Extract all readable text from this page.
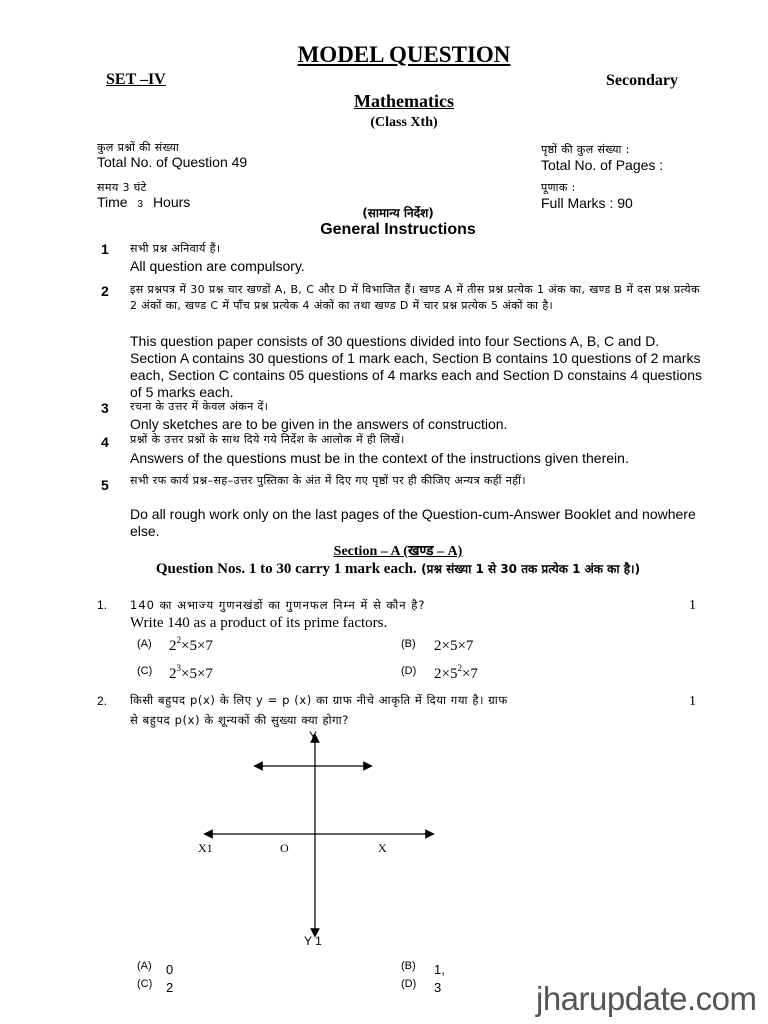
MODEL QUESTION
SET –IV	Secondary
Mathematics
(Class Xth)
कुल प्रश्नों की संख्या
Total No. of Question 49
समय 3 घंटे
Time 3 Hours
पृष्ठों की कुल संख्या :
Total No. of Pages :
पूणाक :
Full Marks : 90
(सामान्य निर्देश)
General Instructions
1 सभी प्रश्न अनिवार्य हैं।
All question are compulsory.
2 इस प्रश्नपत्र में 30 प्रश्न चार खण्डों A, B, C और D में विभाजित हैं। खण्ड A में तीस प्रश्न प्रत्येक 1 अंक का, खण्ड B में दस प्रश्न प्रत्येक 2 अंकों का, खण्ड C में पाँच प्रश्न प्रत्येक 4 अंकों का तथा खण्ड D में चार प्रश्न प्रत्येक 5 अंकों का है।
This question paper consists of 30 questions divided into four Sections A, B, C and D. Section A contains 30 questions of 1 mark each, Section B contains 10 questions of 2 marks each, Section C contains 05 questions of 4 marks each and Section D constains 4 questions of 5 marks each.
3 रचना के उत्तर में केवल अंकन दें।
Only sketches are to be given in the answers of construction.
4 प्रश्नों के उत्तर प्रश्नों के साथ दिये गये निर्देश के आलोक में ही लिखें।
Answers of the questions must be in the context of the instructions given therein.
5 सभी रफ कार्य प्रश्न–सह–उत्तर पुस्तिका के अंत में दिए गए पृष्ठों पर ही कीजिए अन्यत्र कहीं नहीं।
Do all rough work only on the last pages of the Question-cum-Answer Booklet and nowhere else.
Section – A (खण्ड – A)
Question Nos. 1 to 30 carry 1 mark each. (प्रश्न संख्या 1 से 30 तक प्रत्येक 1 अंक का है।)
1. 140 का अभाज्य गुणनखंडों का गुणनफल निम्न में से कौन है?	1
Write 140 as a product of its prime factors.
(A) $2^2\times 5\times 7$	(B) 2×5×7
(C) $2^3\times 5\times 7$	(D) $2\times 5^2\times 7$
2. किसी बहुपद p(x) के लिए y = p (x) का ग्राफ नीचे आकृति में दिया गया है। ग्राफ
से बहुपद p(x) के शून्यकों की सुख्या क्या होगा?
1
Y
X1	O	X
Y 1
(A) 0	(B) 1,
(C) 2	(D) 3	jharupdate.com
